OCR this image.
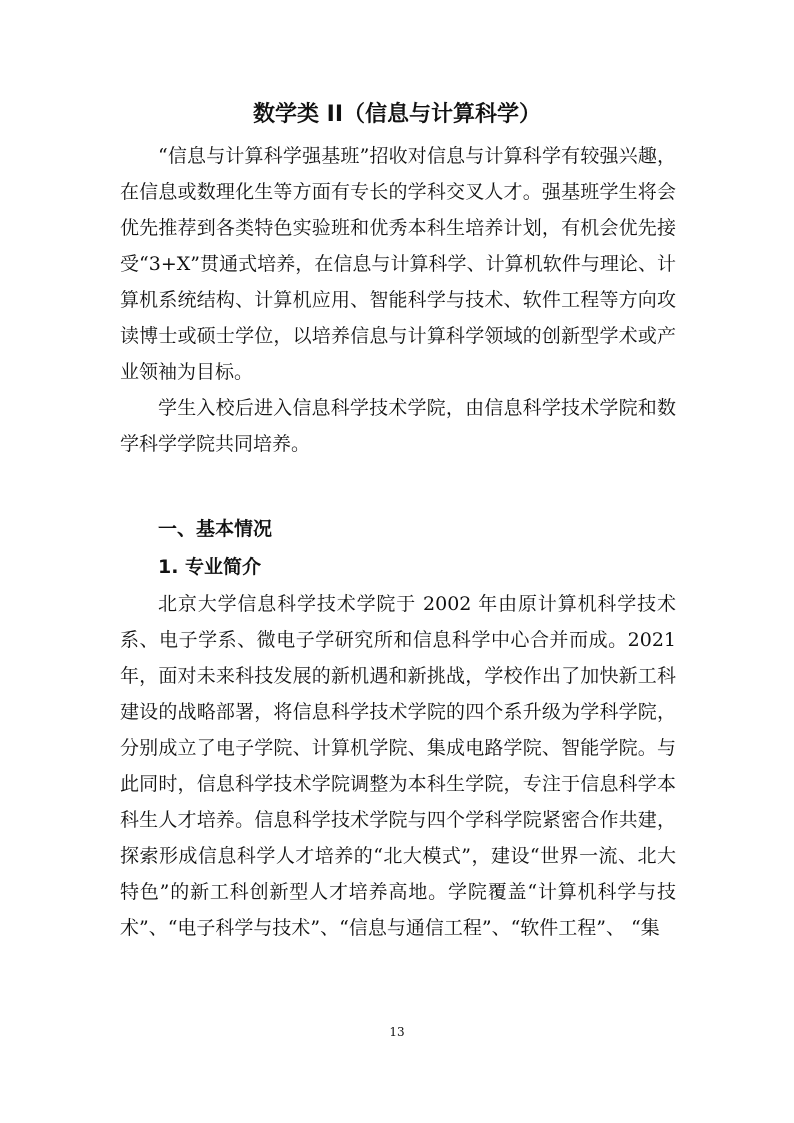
数学类 II（信息与计算科学）

“信息与计算科学强基班”招收对信息与计算科学有较强兴趣，在信息或数理化生等方面有专长的学科交叉人才。强基班学生将会优先推荐到各类特色实验班和优秀本科生培养计划，有机会优先接受“3+X”贯通式培养，在信息与计算科学、计算机软件与理论、计算机系统结构、计算机应用、智能科学与技术、软件工程等方向攻读博士或硕士学位，以培养信息与计算科学领域的创新型学术或产业领袖为目标。

学生入校后进入信息科学技术学院，由信息科学技术学院和数学科学学院共同培养。

一、基本情况
1. 专业简介

北京大学信息科学技术学院于 2002 年由原计算机科学技术系、电子学系、微电子学研究所和信息科学中心合并而成。2021 年，面对未来科技发展的新机遇和新挑战，学校作出了加快新工科建设的战略部署，将信息科学技术学院的四个系升级为学科学院，分别成立了电子学院、计算机学院、集成电路学院、智能学院。与此同时，信息科学技术学院调整为本科生学院，专注于信息科学本科生人才培养。信息科学技术学院与四个学科学院紧密合作共建，探索形成信息科学人才培养的“北大模式”，建设“世界一流、北大特色”的新工科创新型人才培养高地。学院覆盖“计算机科学与技术”、“电子科学与技术”、“信息与通信工程”、“软件工程”、 “集

13
